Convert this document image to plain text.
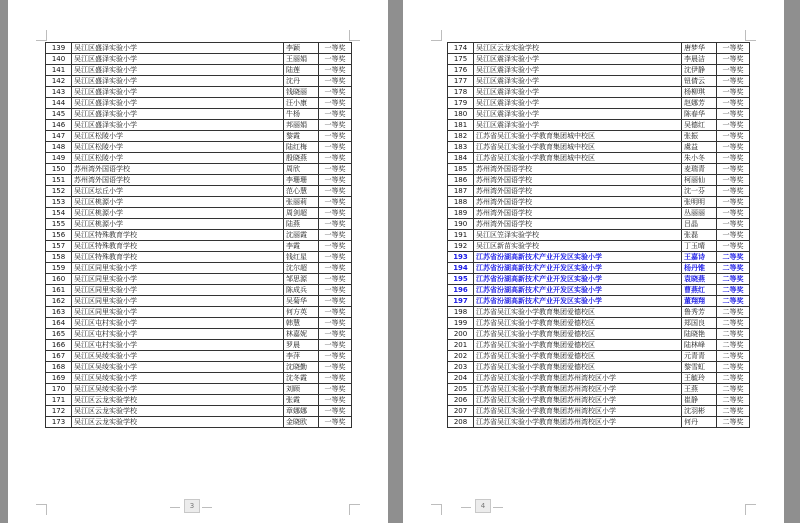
139	吴江区盛泽实验小学	李颖	一等奖
140	吴江区盛泽实验小学	王丽娟	一等奖
141	吴江区盛泽实验小学	陆莲	一等奖
142	吴江区盛泽实验小学	沈丹	一等奖
143	吴江区盛泽实验小学	钱晓丽	一等奖
144	吴江区盛泽实验小学	汪小康	一等奖
145	吴江区盛泽实验小学	牛杨	一等奖
146	吴江区盛泽实验小学	邦丽娟	一等奖
147	吴江区松陵小学	黎霞	一等奖
148	吴江区松陵小学	陆红梅	一等奖
149	吴江区松陵小学	殷晓燕	一等奖
150	苏州湾外国语学校	周欣	一等奖
151	苏州湾外国语学校	李珊珊	一等奖
152	吴江区坛丘小学	范心慧	一等奖
153	吴江区桃源小学	张丽莉	一等奖
154	吴江区桃源小学	周剑超	一等奖
155	吴江区桃源小学	陆燕	一等奖
156	吴江区特殊教育学校	沈丽霞	一等奖
157	吴江区特殊教育学校	李霞	一等奖
158	吴江区特殊教育学校	钱红星	一等奖
159	吴江区同里实验小学	沈尔超	一等奖
160	吴江区同里实验小学	邹思源	一等奖
161	吴江区同里实验小学	陈成兵	一等奖
162	吴江区同里实验小学	吴菊华	一等奖
163	吴江区同里实验小学	何方英	一等奖
164	吴江区屯村实验小学	韩慧	一等奖
165	吴江区屯村实验小学	林嘉妮	一等奖
166	吴江区屯村实验小学	罗晨	一等奖
167	吴江区吴绫实验小学	李萍	一等奖
168	吴江区吴绫实验小学	沈晓勤	一等奖
169	吴江区吴绫实验小学	沈冬霞	一等奖
170	吴江区吴绫实验小学	刘顾	一等奖
171	吴江区云龙实验学校	张霞	一等奖
172	吴江区云龙实验学校	章娜娜	一等奖
173	吴江区云龙实验学校	金晓欧	一等奖
3
174	吴江区云龙实验学校	唐梦华	一等奖
175	吴江区震泽实验小学	李晨洁	一等奖
176	吴江区震泽实验小学	沈伊静	一等奖
177	吴江区震泽实验小学	钮倩云	一等奖
178	吴江区震泽实验小学	杨柳琪	一等奖
179	吴江区震泽实验小学	赵娜芳	一等奖
180	吴江区震泽实验小学	陈春华	一等奖
181	吴江区震泽实验小学	吴德红	一等奖
182	江苏省吴江实验小学教育集团城中校区	张振	一等奖
183	江苏省吴江实验小学教育集团城中校区	虞益	一等奖
184	江苏省吴江实验小学教育集团城中校区	朱小冬	一等奖
185	苏州湾外国语学校	麦瑞青	一等奖
186	苏州湾外国语学校	柯丽仙	一等奖
187	苏州湾外国语学校	沈一芬	一等奖
188	苏州湾外国语学校	张明明	一等奖
189	苏州湾外国语学校	丛丽丽	一等奖
190	苏州湾外国语学校	吕晶	一等奖
191	吴江区笠泽实验学校	张磊	一等奖
192	吴江区新苗实验学校	丁玉晴	一等奖
193	江苏省汾湖高新技术产业开发区实验小学	王嘉诗	二等奖
194	江苏省汾湖高新技术产业开发区实验小学	杨丹锥	二等奖
195	江苏省汾湖高新技术产业开发区实验小学	袁晓燕	二等奖
196	江苏省汾湖高新技术产业开发区实验小学	曹燕红	二等奖
197	江苏省汾湖高新技术产业开发区实验小学	董翔翔	二等奖
198	江苏省吴江实验小学教育集团爱德校区	鲁秀芳	二等奖
199	江苏省吴江实验小学教育集团爱德校区	郑国良	二等奖
200	江苏省吴江实验小学教育集团爱德校区	陆晓艳	二等奖
201	江苏省吴江实验小学教育集团爱德校区	陆林峰	二等奖
202	江苏省吴江实验小学教育集团爱德校区	元青青	二等奖
203	江苏省吴江实验小学教育集团爱德校区	黎雪虹	二等奖
204	江苏省吴江实验小学教育集团苏州湾校区小学	王毓玲	二等奖
205	江苏省吴江实验小学教育集团苏州湾校区小学	王燕	二等奖
206	江苏省吴江实验小学教育集团苏州湾校区小学	崔静	二等奖
207	江苏省吴江实验小学教育集团苏州湾校区小学	沈羽彬	二等奖
208	江苏省吴江实验小学教育集团苏州湾校区小学	何丹	二等奖
4
